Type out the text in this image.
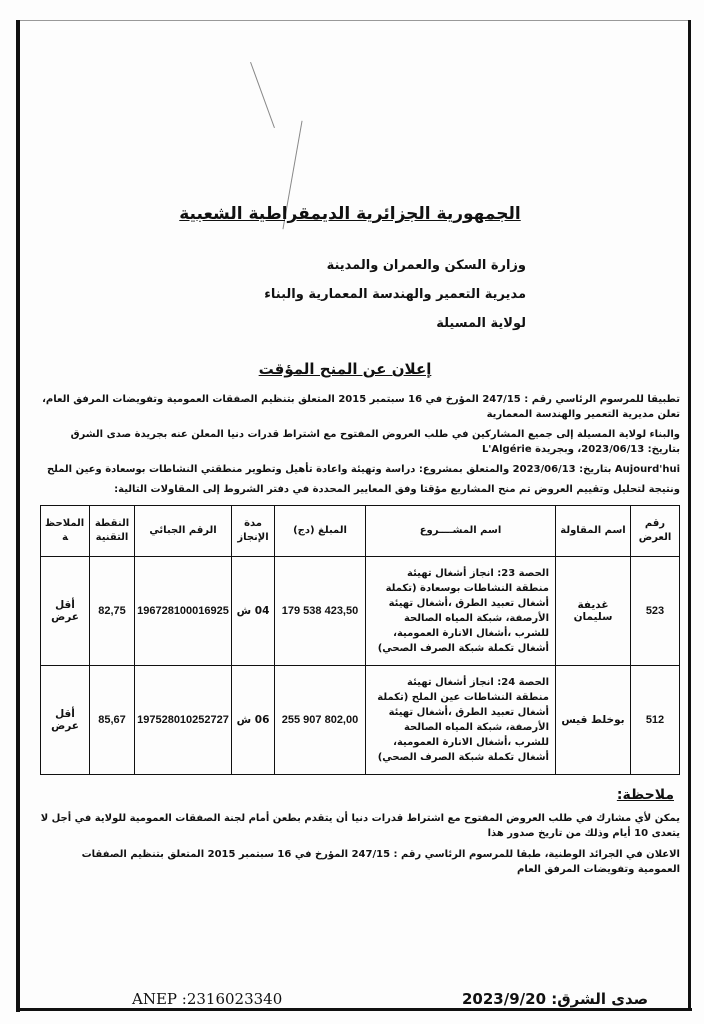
الجمهورية الجزائرية الديمقراطية الشعبية
وزارة السكن والعمران والمدينة
مديرية التعمير والهندسة المعمارية والبناء
لولاية المسيلة
إعلان عن المنح المؤقت
تطبيقا للمرسوم الرئاسي رقم : 247/15 المؤرخ في 16 سبتمبر 2015 المتعلق بتنظيم الصفقات العمومية وتفويضات المرفق العام، تعلن مديرية التعمير والهندسة المعمارية
والبناء لولاية المسيلة إلى جميع المشاركين في طلب العروض المفتوح مع اشتراط قدرات دنيا المعلن عنه بجريدة صدى الشرق بتاريخ: 2023/06/13، وبجريدة L'Algérie
Aujourd'hui بتاريخ: 2023/06/13 والمتعلق بمشروع: دراسة وتهيئة واعادة تأهيل وتطوير منطقتي النشاطات بوسعادة وعين الملح
ونتيجة لتحليل وتقييم العروض تم منح المشاريع مؤقتا وفق المعايير المحددة في دفتر الشروط إلى المقاولات التالية:
رقم العرض	اسم المقاولة	اسم المشــــروع	المبلغ (دج)	مدة الإنجاز	الرقم الجبائي	النقطة التقنية	الملاحظة
523	غديفة سليمان	الحصة 23: انجاز أشغال تهيئة منطقة النشاطات بوسعادة (تكملة أشغال تعبيد الطرق ،أشغال تهيئة الأرصفة، شبكة المياه الصالحة للشرب ،أشغال الانارة العمومية، أشغال تكملة شبكة الصرف الصحي)	179 538 423,50	04 ش	196728100016925	82,75	أقل عرض
512	بوخلط قيس	الحصة 24: انجاز أشغال تهيئة منطقة النشاطات عين الملح (تكملة أشغال تعبيد الطرق ،أشغال تهيئة الأرصفة، شبكة المياه الصالحة للشرب ،أشغال الانارة العمومية، أشغال تكملة شبكة الصرف الصحي)	255 907 802,00	06 ش	197528010252727	85,67	أقل عرض
ملاحظة:
يمكن لأي مشارك في طلب العروض المفتوح مع اشتراط قدرات دنيا أن يتقدم بطعن أمام لجنة الصفقات العمومية للولاية في أجل لا يتعدى 10 أيام وذلك من تاريخ صدور هذا
الاعلان في الجرائد الوطنية، طبقا للمرسوم الرئاسي رقم : 247/15 المؤرخ في 16 سبتمبر 2015 المتعلق بتنظيم الصفقات العمومية وتفويضات المرفق العام
صدى الشرق: 2023/9/20
ANEP :2316023340
